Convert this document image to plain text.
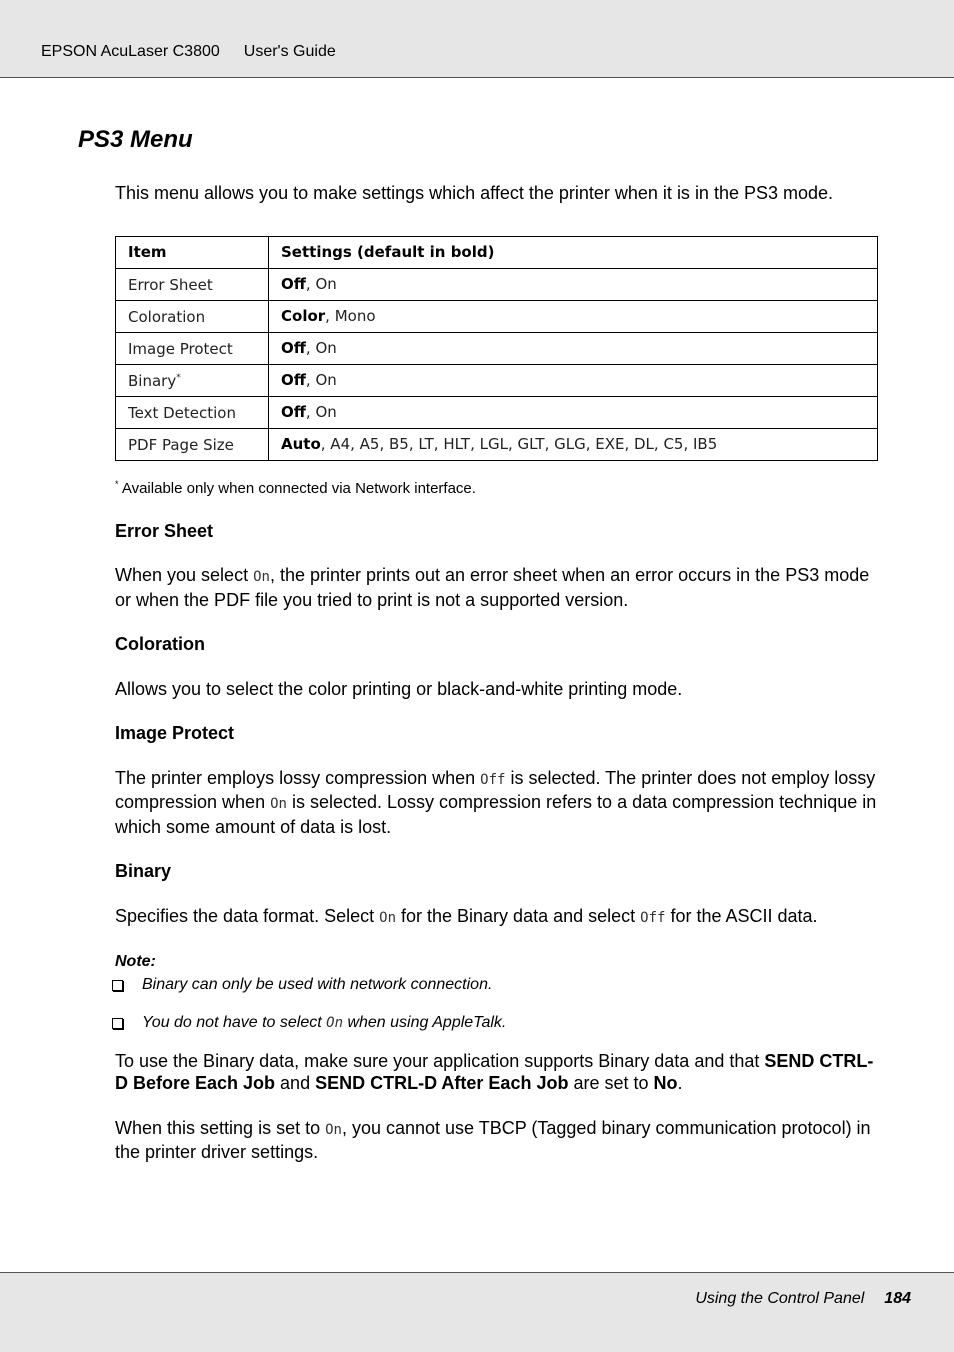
EPSON AcuLaser C3800 User's Guide
PS3 Menu

This menu allows you to make settings which affect the printer when it is in the PS3 mode.

Item	Settings (default in bold)
Error Sheet	Off, On
Coloration	Color, Mono
Image Protect	Off, On
Binary*	Off, On
Text Detection	Off, On
PDF Page Size	Auto, A4, A5, B5, LT, HLT, LGL, GLT, GLG, EXE, DL, C5, IB5

* Available only when connected via Network interface.

Error Sheet

When you select On, the printer prints out an error sheet when an error occurs in the PS3 mode or when the PDF file you tried to print is not a supported version.

Coloration

Allows you to select the color printing or black-and-white printing mode.

Image Protect

The printer employs lossy compression when Off is selected. The printer does not employ lossy compression when On is selected. Lossy compression refers to a data compression technique in which some amount of data is lost.

Binary

Specifies the data format. Select On for the Binary data and select Off for the ASCII data.

Note:

Binary can only be used with network connection.
You do not have to select On when using AppleTalk.

To use the Binary data, make sure your application supports Binary data and that SEND CTRL-D Before Each Job and SEND CTRL-D After Each Job are set to No.

When this setting is set to On, you cannot use TBCP (Tagged binary communication protocol) in the printer driver settings.

Using the Control Panel 184
